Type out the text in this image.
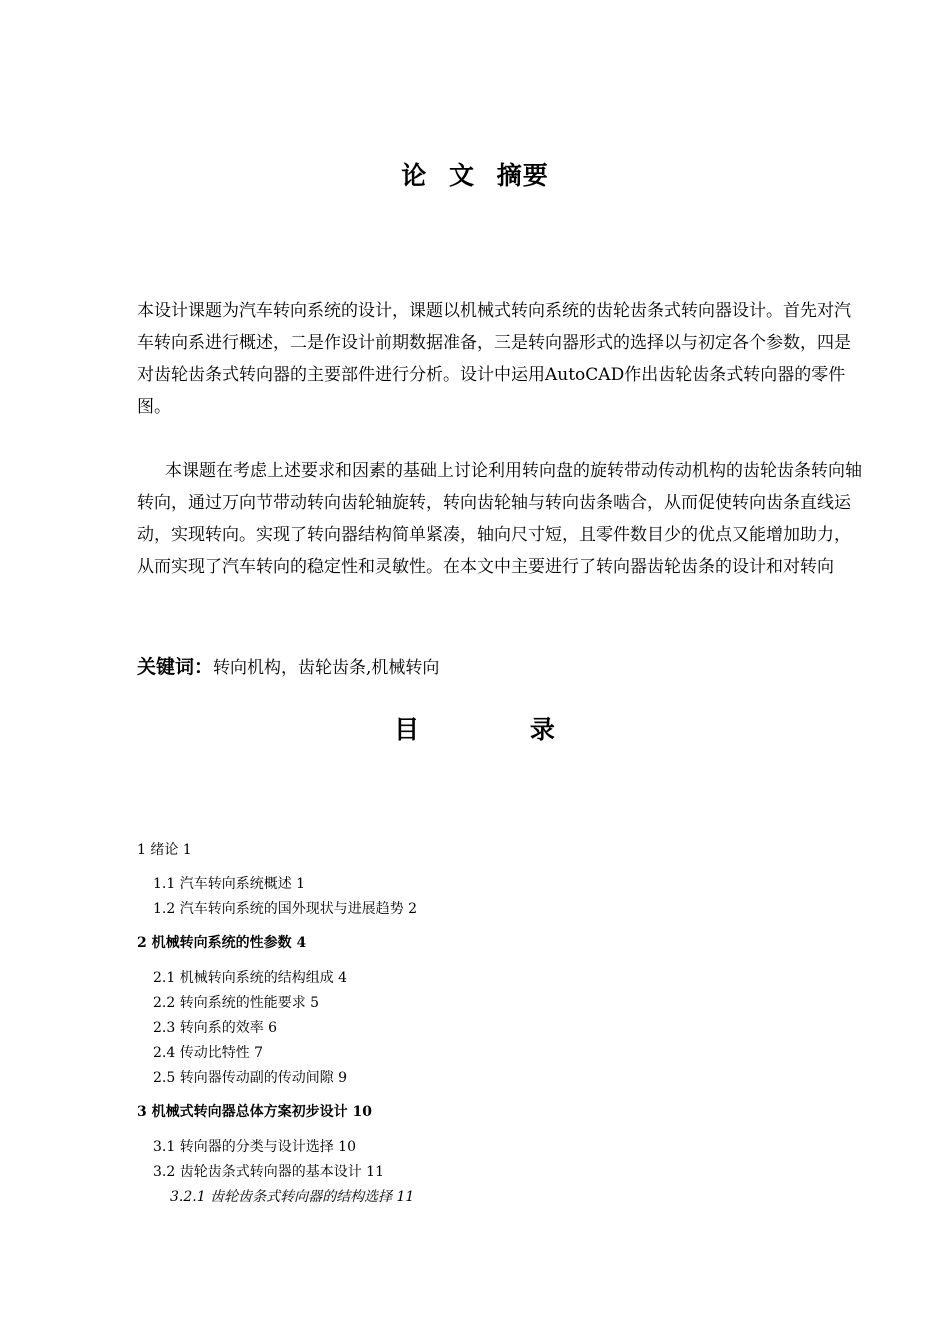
论 文 摘要

本设计课题为汽车转向系统的设计，课题以机械式转向系统的齿轮齿条式转向器设计。首先对汽车转向系进行概述，二是作设计前期数据准备，三是转向器形式的选择以与初定各个参数，四是对齿轮齿条式转向器的主要部件进行分析。设计中运用AutoCAD作出齿轮齿条式转向器的零件图。

本课题在考虑上述要求和因素的基础上讨论利用转向盘的旋转带动传动机构的齿轮齿条转向轴转向，通过万向节带动转向齿轮轴旋转，转向齿轮轴与转向齿条啮合，从而促使转向齿条直线运动，实现转向。实现了转向器结构简单紧凑，轴向尺寸短，且零件数目少的优点又能增加助力，从而实现了汽车转向的稳定性和灵敏性。在本文中主要进行了转向器齿轮齿条的设计和对转向

关键词：转向机构，齿轮齿条,机械转向
目 录
1 绪论 1
1.1 汽车转向系统概述 1
1.2 汽车转向系统的国外现状与进展趋势 2
2 机械转向系统的性参数 4
2.1 机械转向系统的结构组成 4
2.2 转向系统的性能要求 5
2.3 转向系的效率 6
2.4 传动比特性 7
2.5 转向器传动副的传动间隙 9
3 机械式转向器总体方案初步设计 10
3.1 转向器的分类与设计选择 10
3.2 齿轮齿条式转向器的基本设计 11
3.2.1 齿轮齿条式转向器的结构选择 11
